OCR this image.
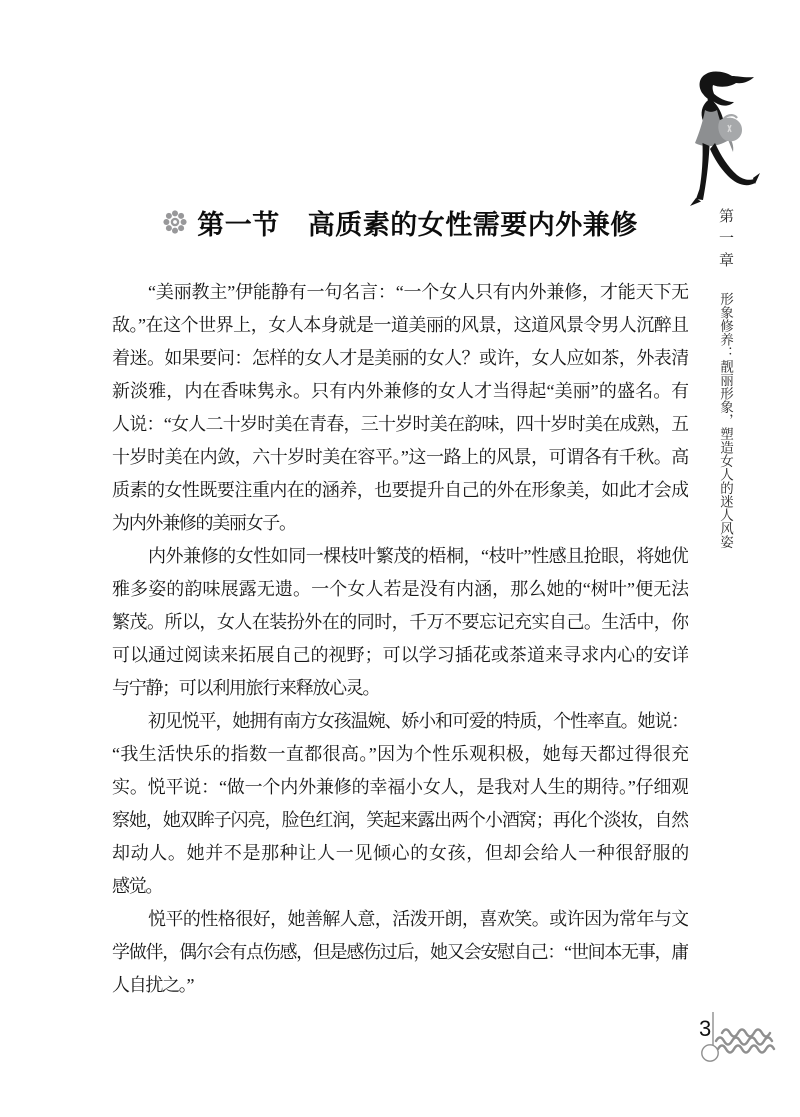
第一节 高质素的女性需要内外兼修
“美丽教主”伊能静有一句名言：“一个女人只有内外兼修，才能天下无
敌。”在这个世界上，女人本身就是一道美丽的风景，这道风景令男人沉醉且
着迷。如果要问：怎样的女人才是美丽的女人？或许，女人应如茶，外表清
新淡雅，内在香味隽永。只有内外兼修的女人才当得起“美丽”的盛名。有
人说：“女人二十岁时美在青春，三十岁时美在韵味，四十岁时美在成熟，五
十岁时美在内敛，六十岁时美在容平。”这一路上的风景，可谓各有千秋。高
质素的女性既要注重内在的涵养，也要提升自己的外在形象美，如此才会成
为内外兼修的美丽女子。
内外兼修的女性如同一棵枝叶繁茂的梧桐，“枝叶”性感且抢眼，将她优
雅多姿的韵味展露无遗。一个女人若是没有内涵，那么她的“树叶”便无法
繁茂。所以，女人在装扮外在的同时，千万不要忘记充实自己。生活中，你
可以通过阅读来拓展自己的视野；可以学习插花或茶道来寻求内心的安详
与宁静；可以利用旅行来释放心灵。
初见悦平，她拥有南方女孩温婉、娇小和可爱的特质，个性率直。她说：
“我生活快乐的指数一直都很高。”因为个性乐观积极，她每天都过得很充
实。悦平说：“做一个内外兼修的幸福小女人，是我对人生的期待。”仔细观
察她，她双眸子闪亮，脸色红润，笑起来露出两个小酒窝；再化个淡妆，自然
却动人。她并不是那种让人一见倾心的女孩，但却会给人一种很舒服的
感觉。
悦平的性格很好，她善解人意，活泼开朗，喜欢笑。或许因为常年与文
学做伴，偶尔会有点伤感，但是感伤过后，她又会安慰自己：“世间本无事，庸
人自扰之。”
第一章 形象修养：靓丽形象，塑造女人的迷人风姿
3
